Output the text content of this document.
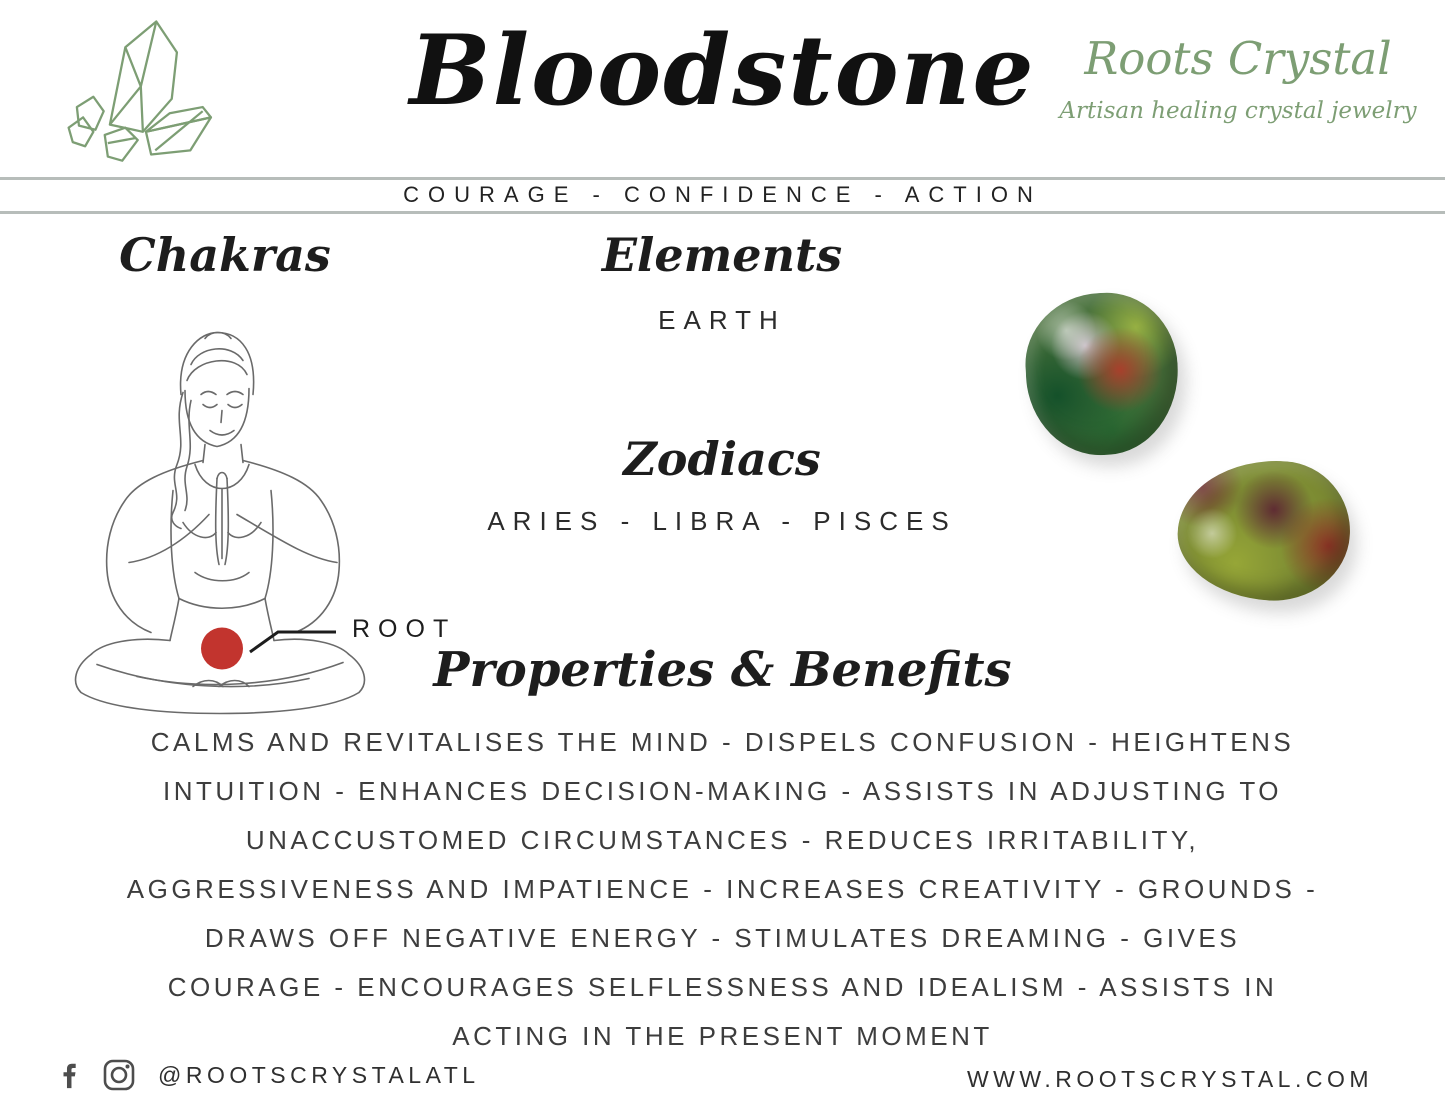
Bloodstone	Roots Crystal
Artisan healing crystal jewelry
COURAGE - CONFIDENCE - ACTION
Chakras
ROOT
Elements
EARTH
Zodiacs
ARIES - LIBRA - PISCES
Properties & Benefits
CALMS AND REVITALISES THE MIND - DISPELS CONFUSION - HEIGHTENS
INTUITION - ENHANCES DECISION-MAKING - ASSISTS IN ADJUSTING TO
UNACCUSTOMED CIRCUMSTANCES - REDUCES IRRITABILITY,
AGGRESSIVENESS AND IMPATIENCE - INCREASES CREATIVITY - GROUNDS -
DRAWS OFF NEGATIVE ENERGY - STIMULATES DREAMING - GIVES
COURAGE - ENCOURAGES SELFLESSNESS AND IDEALISM - ASSISTS IN
ACTING IN THE PRESENT MOMENT
@ROOTSCRYSTALATL	WWW.ROOTSCRYSTAL.COM
